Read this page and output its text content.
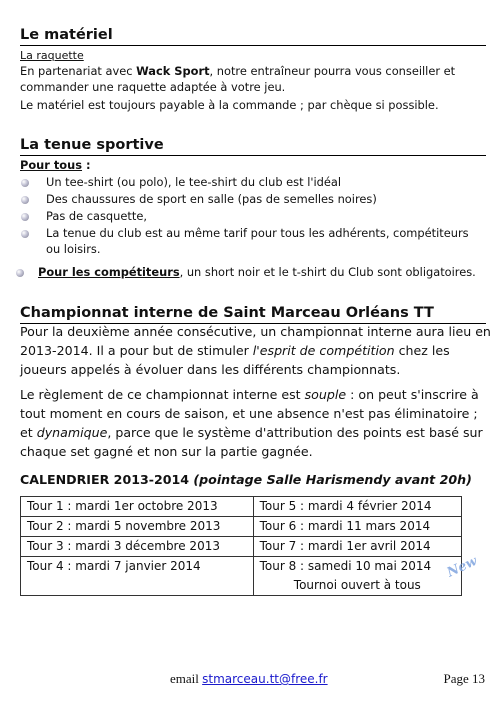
Le matériel
La raquette
En partenariat avec Wack Sport, notre entraîneur pourra vous conseiller et
commander une raquette adaptée à votre jeu.
Le matériel est toujours payable à la commande ; par chèque si possible.
La tenue sportive
Pour tous :
Un tee-shirt (ou polo), le tee-shirt du club est l'idéal
Des chaussures de sport en salle (pas de semelles noires)
Pas de casquette,
La tenue du club est au même tarif pour tous les adhérents, compétiteurs
ou loisirs.
Pour les compétiteurs, un short noir et le t-shirt du Club sont obligatoires.
Championnat interne de Saint Marceau Orléans TT
Pour la deuxième année consécutive, un championnat interne aura lieu en
2013-2014. Il a pour but de stimuler l'esprit de compétition chez les
joueurs appelés à évoluer dans les différents championnats.
Le règlement de ce championnat interne est souple : on peut s'inscrire à
tout moment en cours de saison, et une absence n'est pas éliminatoire ;
et dynamique, parce que le système d'attribution des points est basé sur
chaque set gagné et non sur la partie gagnée.
CALENDRIER 2013-2014 (pointage Salle Harismendy avant 20h)
Tour 1 : mardi 1er octobre 2013	Tour 5 : mardi 4 février 2014
Tour 2 : mardi 5 novembre 2013	Tour 6 : mardi 11 mars 2014
Tour 3 : mardi 3 décembre 2013	Tour 7 : mardi 1er avril 2014
Tour 4 : mardi 7 janvier 2014	Tour 8 : samedi 10 mai 2014
Tournoi ouvert à tous
New
email stmarceau.tt@free.fr	Page 13
